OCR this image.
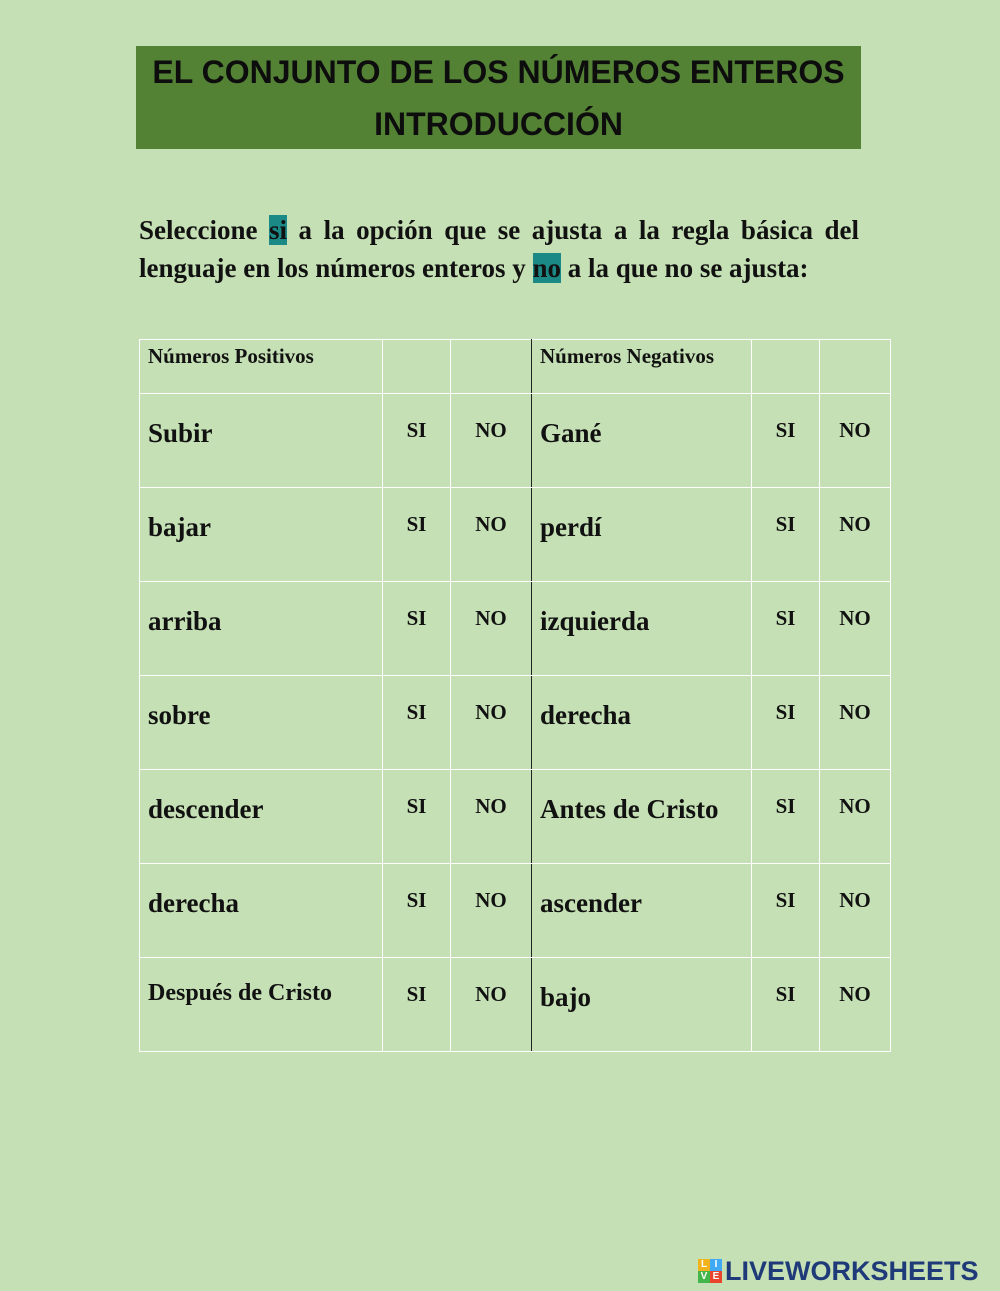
EL CONJUNTO DE LOS NÚMEROS ENTEROS
INTRODUCCIÓN
Seleccione si a la opción que se ajusta a la regla básica del lenguaje en los números enteros y no a la que no se ajusta:
Números Positivos			Números Negativos		

Subir	SI	NO	Gané	SI	NO

bajar	SI	NO	perdí	SI	NO

arriba	SI	NO	izquierda	SI	NO

sobre	SI	NO	derecha	SI	NO

descender	SI	NO	Antes de Cristo	SI	NO

derecha	SI	NO	ascender	SI	NO

Después de Cristo	SI	NO	bajo	SI	NO
L I
V E LIVEWORKSHEETS
